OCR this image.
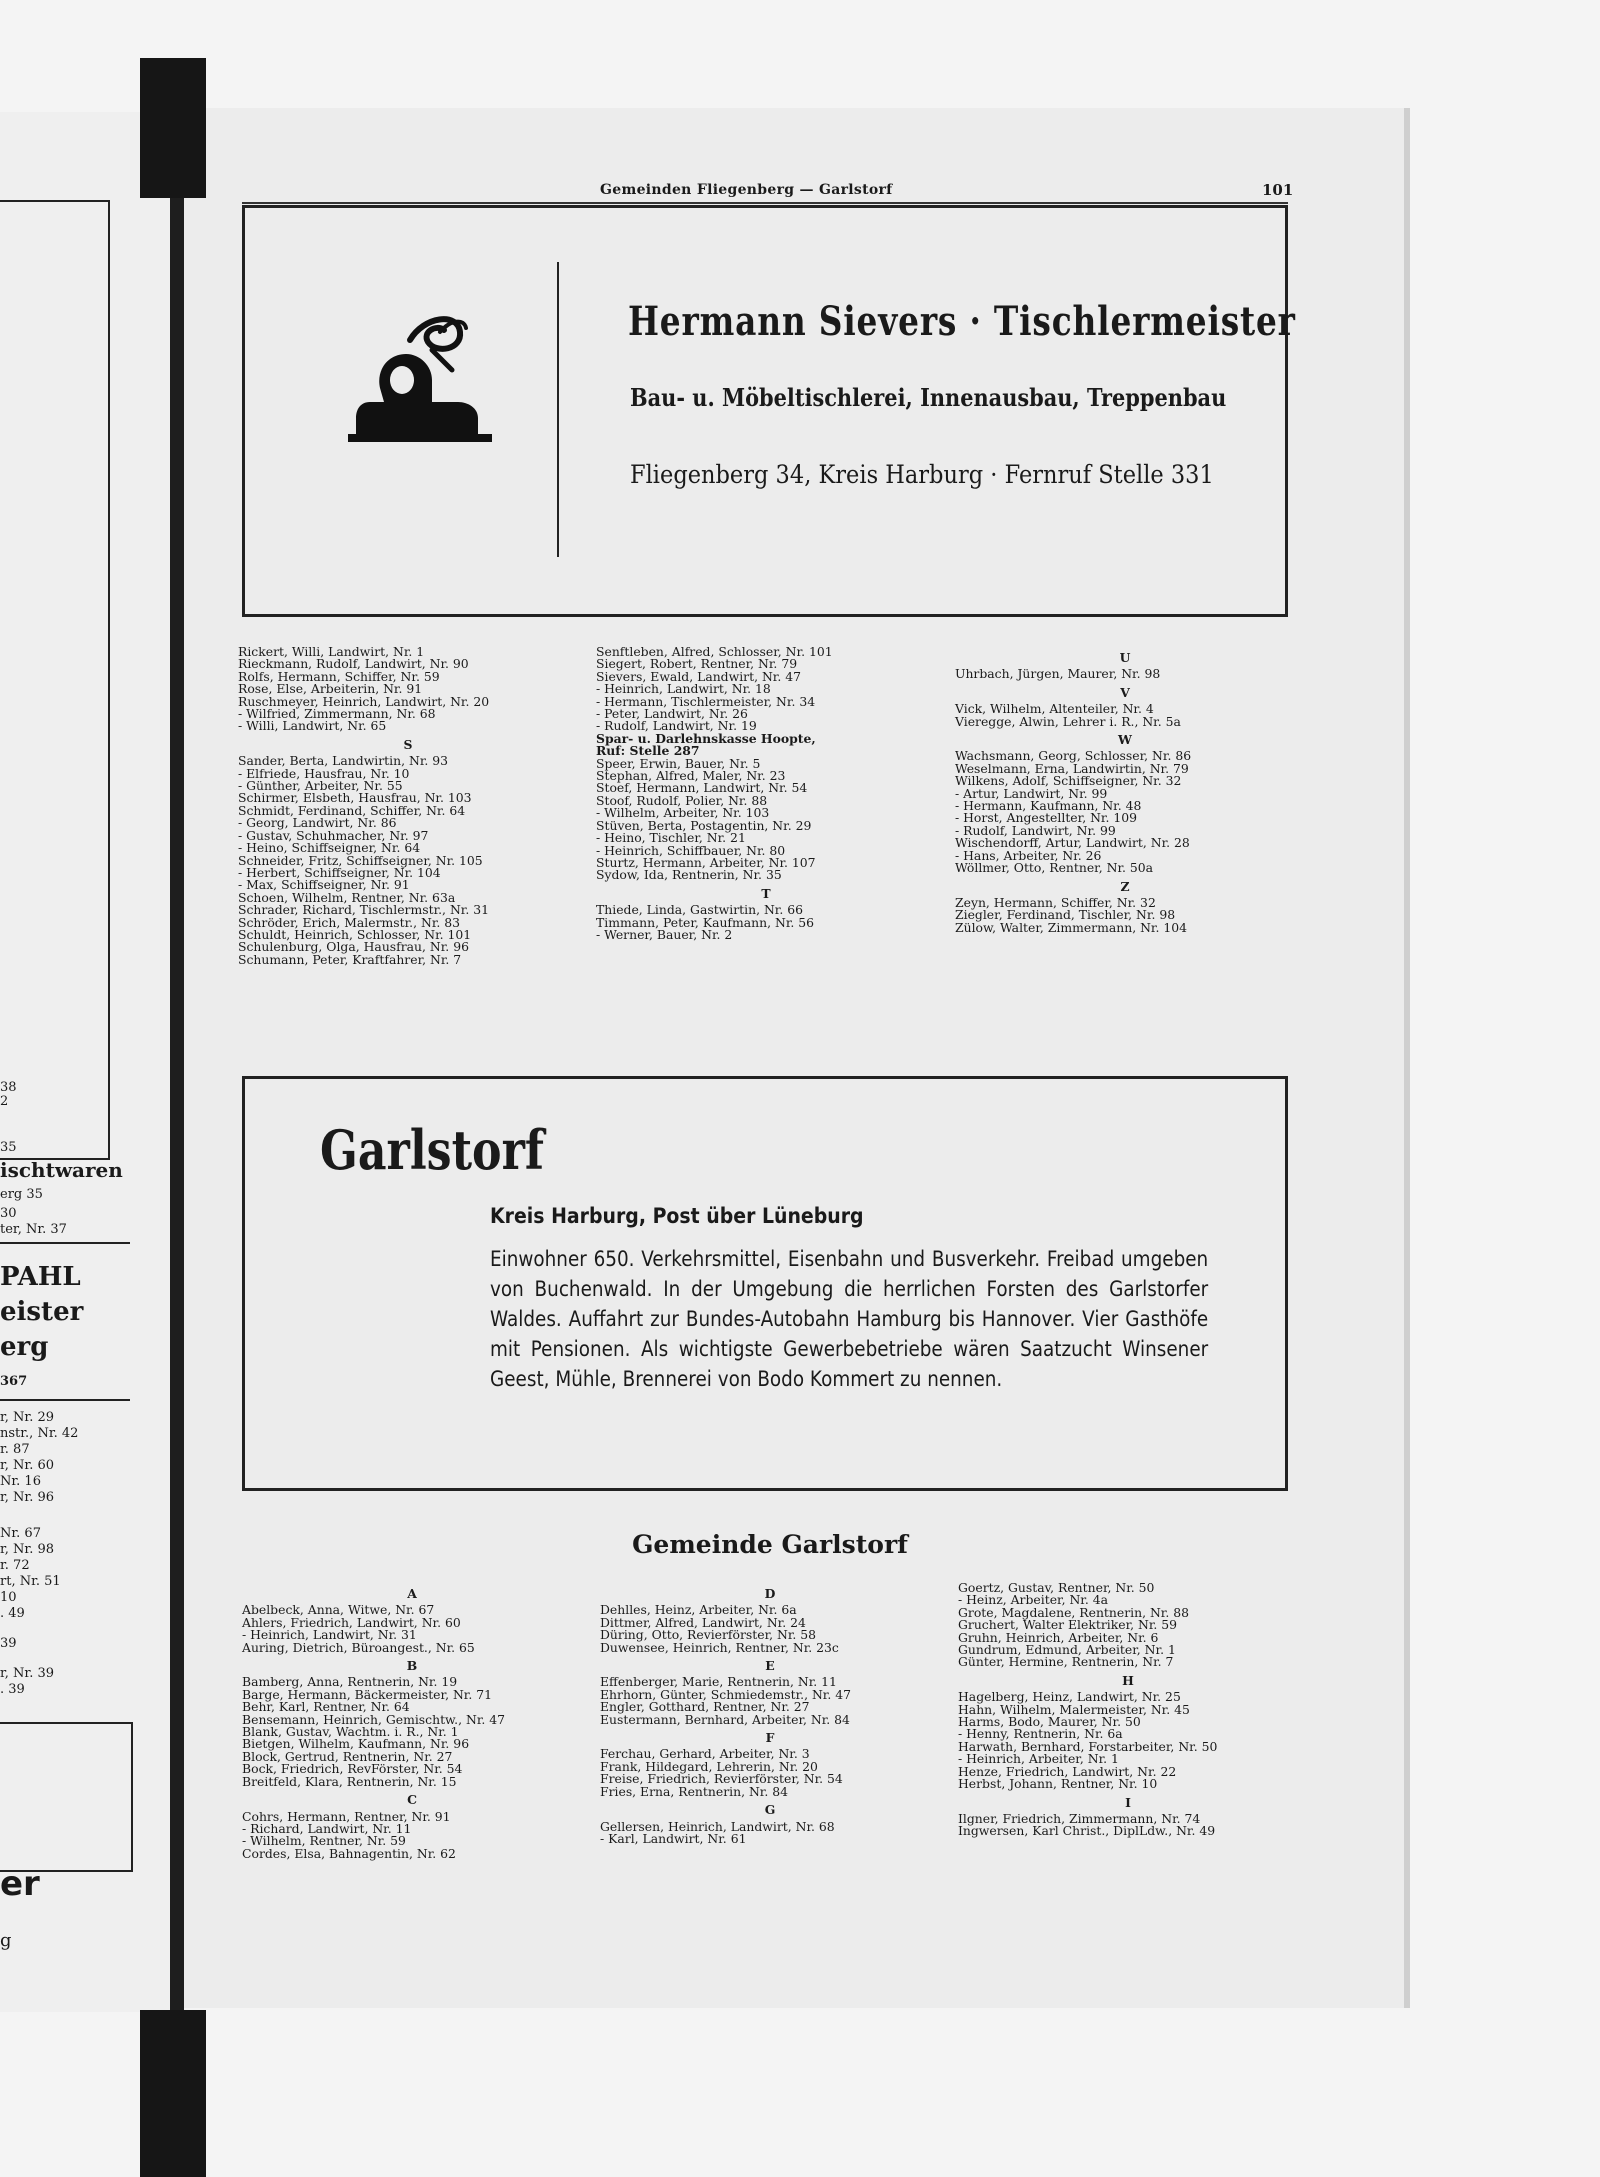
38
2
35
ischtwaren
erg 35
30
ter, Nr. 37
PAHL
eister
erg
367
r, Nr. 29
nstr., Nr. 42
r. 87
r, Nr. 60
Nr. 16
r, Nr. 96
Nr. 67
r, Nr. 98
r. 72
rt, Nr. 51
10
. 49
39
r, Nr. 39
. 39
er
g
Gemeinden Fliegenberg — Garlstorf	101
Hermann Sievers · Tischlermeister
Bau- u. Möbeltischlerei, Innenausbau, Treppenbau
Fliegenberg 34, Kreis Harburg · Fernruf Stelle 331
Rickert, Willi, Landwirt, Nr. 1
Rieckmann, Rudolf, Landwirt, Nr. 90
Rolfs, Hermann, Schiffer, Nr. 59
Rose, Else, Arbeiterin, Nr. 91
Ruschmeyer, Heinrich, Landwirt, Nr. 20
- Wilfried, Zimmermann, Nr. 68
- Willi, Landwirt, Nr. 65
S
Sander, Berta, Landwirtin, Nr. 93
- Elfriede, Hausfrau, Nr. 10
- Günther, Arbeiter, Nr. 55
Schirmer, Elsbeth, Hausfrau, Nr. 103
Schmidt, Ferdinand, Schiffer, Nr. 64
- Georg, Landwirt, Nr. 86
- Gustav, Schuhmacher, Nr. 97
- Heino, Schiffseigner, Nr. 64
Schneider, Fritz, Schiffseigner, Nr. 105
- Herbert, Schiffseigner, Nr. 104
- Max, Schiffseigner, Nr. 91
Schoen, Wilhelm, Rentner, Nr. 63a
Schrader, Richard, Tischlermstr., Nr. 31
Schröder, Erich, Malermstr., Nr. 83
Schuldt, Heinrich, Schlosser, Nr. 101
Schulenburg, Olga, Hausfrau, Nr. 96
Schumann, Peter, Kraftfahrer, Nr. 7
Senftleben, Alfred, Schlosser, Nr. 101
Siegert, Robert, Rentner, Nr. 79
Sievers, Ewald, Landwirt, Nr. 47
- Heinrich, Landwirt, Nr. 18
- Hermann, Tischlermeister, Nr. 34
- Peter, Landwirt, Nr. 26
- Rudolf, Landwirt, Nr. 19
Spar- u. Darlehnskasse Hoopte,
Ruf: Stelle 287
Speer, Erwin, Bauer, Nr. 5
Stephan, Alfred, Maler, Nr. 23
Stoef, Hermann, Landwirt, Nr. 54
Stoof, Rudolf, Polier, Nr. 88
- Wilhelm, Arbeiter, Nr. 103
Stüven, Berta, Postagentin, Nr. 29
- Heino, Tischler, Nr. 21
- Heinrich, Schiffbauer, Nr. 80
Sturtz, Hermann, Arbeiter, Nr. 107
Sydow, Ida, Rentnerin, Nr. 35
T
Thiede, Linda, Gastwirtin, Nr. 66
Timmann, Peter, Kaufmann, Nr. 56
- Werner, Bauer, Nr. 2
U
Uhrbach, Jürgen, Maurer, Nr. 98
V
Vick, Wilhelm, Altenteiler, Nr. 4
Vieregge, Alwin, Lehrer i. R., Nr. 5a
W
Wachsmann, Georg, Schlosser, Nr. 86
Weselmann, Erna, Landwirtin, Nr. 79
Wilkens, Adolf, Schiffseigner, Nr. 32
- Artur, Landwirt, Nr. 99
- Hermann, Kaufmann, Nr. 48
- Horst, Angestellter, Nr. 109
- Rudolf, Landwirt, Nr. 99
Wischendorff, Artur, Landwirt, Nr. 28
- Hans, Arbeiter, Nr. 26
Wöllmer, Otto, Rentner, Nr. 50a
Z
Zeyn, Hermann, Schiffer, Nr. 32
Ziegler, Ferdinand, Tischler, Nr. 98
Zülow, Walter, Zimmermann, Nr. 104
Garlstorf
Kreis Harburg, Post über Lüneburg
Einwohner 650. Verkehrsmittel, Eisenbahn und Busverkehr. Freibad umgeben von Buchenwald. In der Umgebung die herrlichen Forsten des Garlstorfer Waldes. Auffahrt zur Bundes-Autobahn Hamburg bis Hannover. Vier Gasthöfe mit Pensionen. Als wichtigste Gewerbebetriebe wären Saatzucht Winsener Geest, Mühle, Brennerei von Bodo Kommert zu nennen.
Gemeinde Garlstorf
A
Abelbeck, Anna, Witwe, Nr. 67
Ahlers, Friedrich, Landwirt, Nr. 60
- Heinrich, Landwirt, Nr. 31
Auring, Dietrich, Büroangest., Nr. 65
B
Bamberg, Anna, Rentnerin, Nr. 19
Barge, Hermann, Bäckermeister, Nr. 71
Behr, Karl, Rentner, Nr. 64
Bensemann, Heinrich, Gemischtw., Nr. 47
Blank, Gustav, Wachtm. i. R., Nr. 1
Bietgen, Wilhelm, Kaufmann, Nr. 96
Block, Gertrud, Rentnerin, Nr. 27
Bock, Friedrich, RevFörster, Nr. 54
Breitfeld, Klara, Rentnerin, Nr. 15
C
Cohrs, Hermann, Rentner, Nr. 91
- Richard, Landwirt, Nr. 11
- Wilhelm, Rentner, Nr. 59
Cordes, Elsa, Bahnagentin, Nr. 62
D
Dehlles, Heinz, Arbeiter, Nr. 6a
Dittmer, Alfred, Landwirt, Nr. 24
Düring, Otto, Revierförster, Nr. 58
Duwensee, Heinrich, Rentner, Nr. 23c
E
Effenberger, Marie, Rentnerin, Nr. 11
Ehrhorn, Günter, Schmiedemstr., Nr. 47
Engler, Gotthard, Rentner, Nr. 27
Eustermann, Bernhard, Arbeiter, Nr. 84
F
Ferchau, Gerhard, Arbeiter, Nr. 3
Frank, Hildegard, Lehrerin, Nr. 20
Freise, Friedrich, Revierförster, Nr. 54
Fries, Erna, Rentnerin, Nr. 84
G
Gellersen, Heinrich, Landwirt, Nr. 68
- Karl, Landwirt, Nr. 61
Goertz, Gustav, Rentner, Nr. 50
- Heinz, Arbeiter, Nr. 4a
Grote, Magdalene, Rentnerin, Nr. 88
Gruchert, Walter Elektriker, Nr. 59
Gruhn, Heinrich, Arbeiter, Nr. 6
Gundrum, Edmund, Arbeiter, Nr. 1
Günter, Hermine, Rentnerin, Nr. 7
H
Hagelberg, Heinz, Landwirt, Nr. 25
Hahn, Wilhelm, Malermeister, Nr. 45
Harms, Bodo, Maurer, Nr. 50
- Henny, Rentnerin, Nr. 6a
Harwath, Bernhard, Forstarbeiter, Nr. 50
- Heinrich, Arbeiter, Nr. 1
Henze, Friedrich, Landwirt, Nr. 22
Herbst, Johann, Rentner, Nr. 10
I
Ilgner, Friedrich, Zimmermann, Nr. 74
Ingwersen, Karl Christ., DiplLdw., Nr. 49
